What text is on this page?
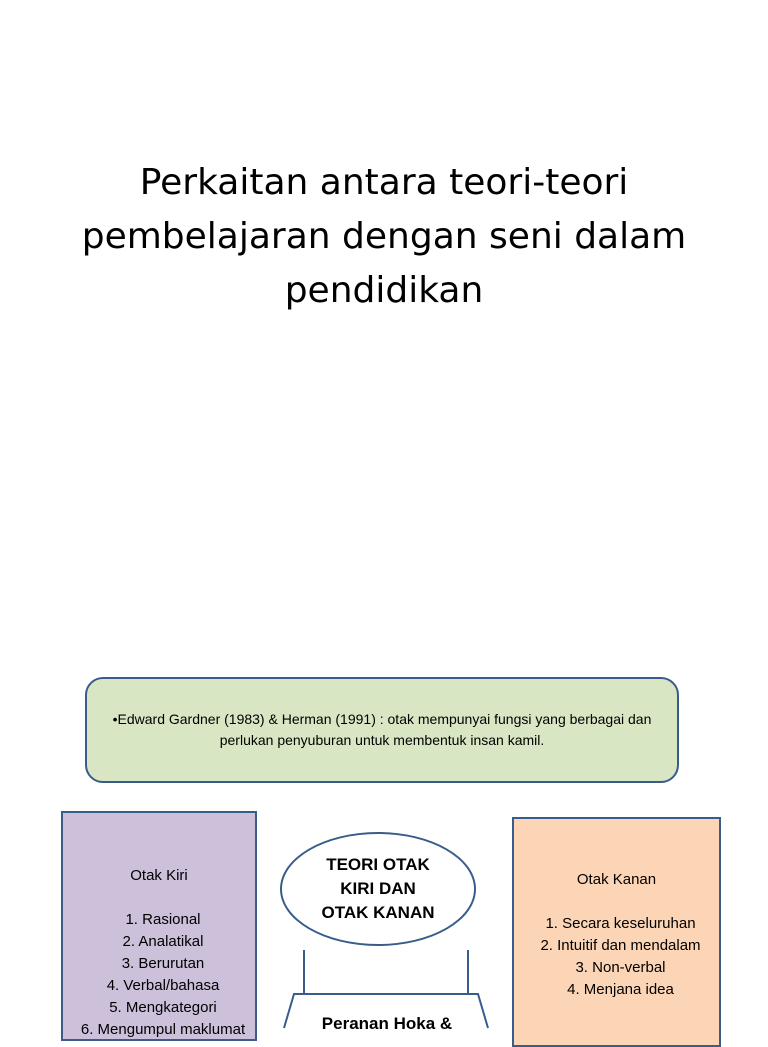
Perkaitan antara teori-teori pembelajaran dengan seni dalam pendidikan
•Edward Gardner (1983) & Herman (1991) : otak mempunyai fungsi yang berbagai dan perlukan penyuburan untuk membentuk insan kamil.
Otak Kiri
1. Rasional
2. Analatikal
3. Berurutan
4. Verbal/bahasa
5. Mengkategori
6. Mengumpul maklumat
TEORI OTAK KIRI DAN OTAK KANAN
Peranan Hoka &
Otak Kanan
1. Secara keseluruhan
2. Intuitif dan mendalam
3. Non-verbal
4. Menjana idea
